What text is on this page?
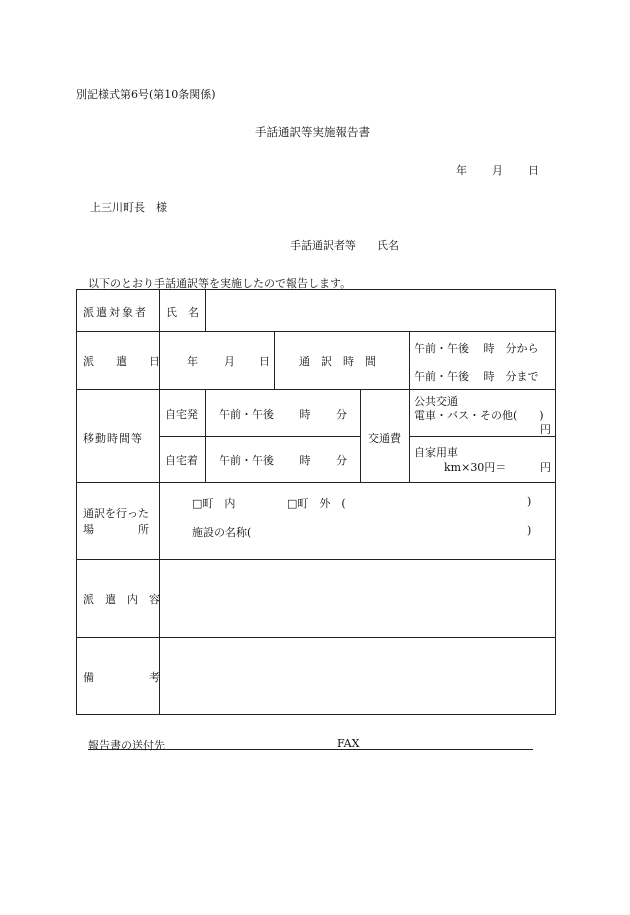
別記様式第6号(第10条関係)
手話通訳等実施報告書
年 月 日
上三川町長　様
手話通訳者等 氏名
以下のとおり手話通訳等を実施したので報告します。
派遣対象者	氏　名				

派　　遣　　日	年 月 日		通　訳　時　間		午前・午後　 時　分から
午前・午後　 時　分まで

移動時間等	自宅発	午前・午後　　 時　　 分		交通費	公共交通
電車・バス・その他(　　)
円

	自宅着	午前・午後　　 時　　 分			自家用車
km×30円＝ 円

通訳を行った
場　　　　所	□町　内 □町　外　( )
施設の名称( )				

派　遣　内　容					

備　　　　　考					

報告書の送付先	FAX
